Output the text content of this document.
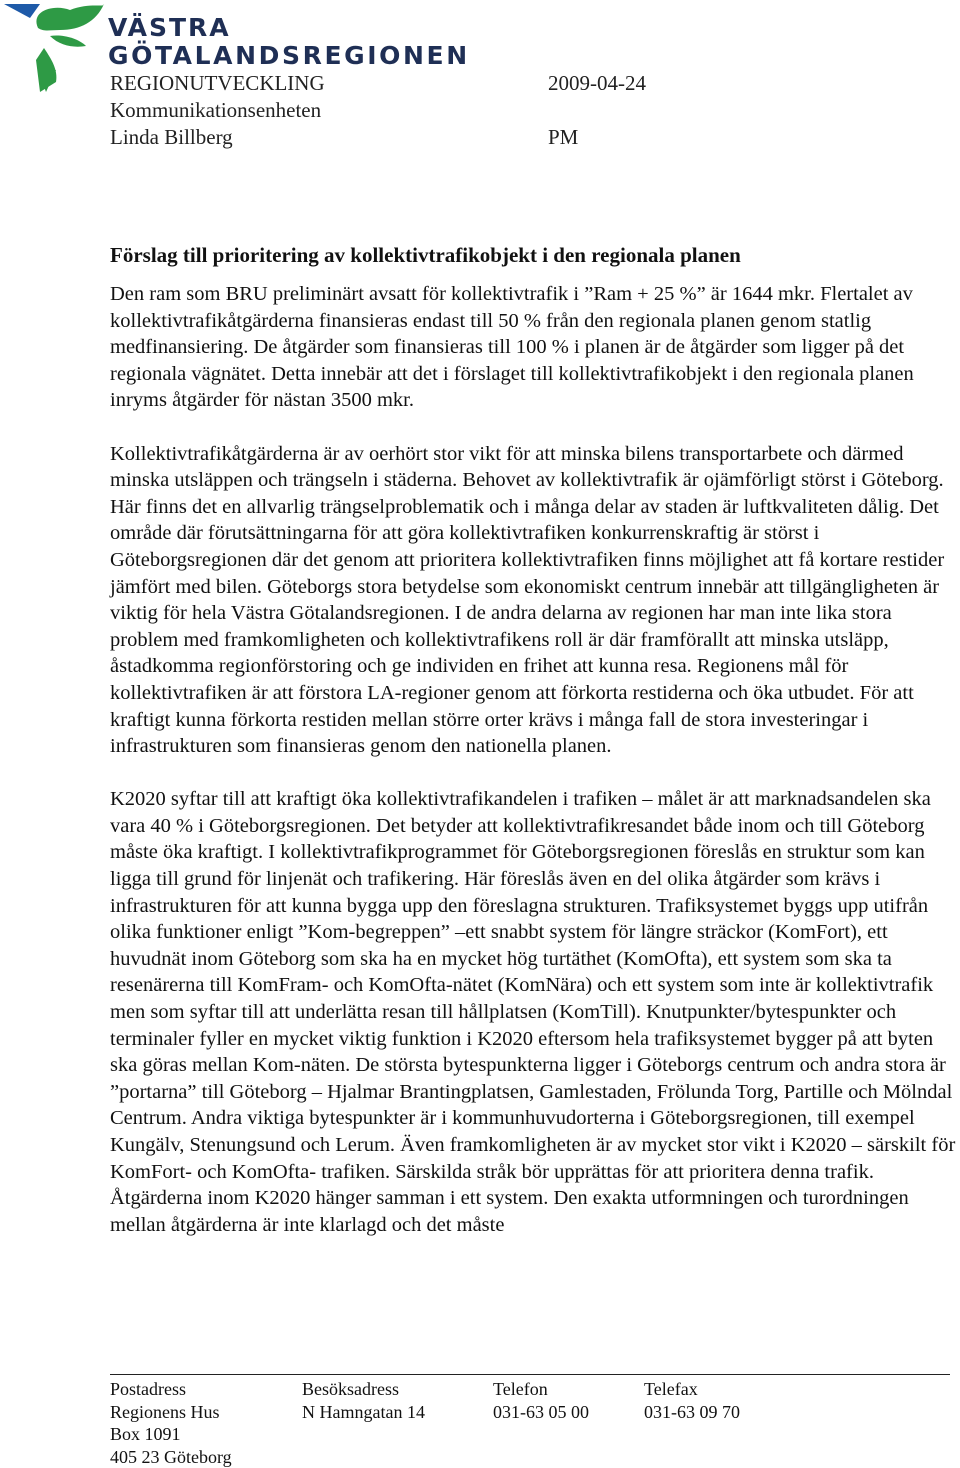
VÄSTRA
GÖTALANDSREGIONEN
REGIONUTVECKLING
Kommunikationsenheten
Linda Billberg
2009-04-24
PM
Förslag till prioritering av kollektivtrafikobjekt i den regionala planen

Den ram som BRU preliminärt avsatt för kollektivtrafik i ”Ram + 25 %” är 1644 mkr. Flertalet av kollektivtrafikåtgärderna finansieras endast till 50 % från den regionala planen genom statlig medfinansiering. De åtgärder som finansieras till 100 % i planen är de åtgärder som ligger på det regionala vägnätet. Detta innebär att det i förslaget till kollektivtrafikobjekt i den regionala planen inryms åtgärder för nästan 3500 mkr.

Kollektivtrafikåtgärderna är av oerhört stor vikt för att minska bilens transportarbete och därmed minska utsläppen och trängseln i städerna. Behovet av kollektivtrafik är ojämförligt störst i Göteborg. Här finns det en allvarlig trängselproblematik och i många delar av staden är luftkvaliteten dålig. Det område där förutsättningarna för att göra kollektivtrafiken konkurrenskraftig är störst i Göteborgsregionen där det genom att prioritera kollektivtrafiken finns möjlighet att få kortare restider jämfört med bilen. Göteborgs stora betydelse som ekonomiskt centrum innebär att tillgängligheten är viktig för hela Västra Götalandsregionen. I de andra delarna av regionen har man inte lika stora problem med framkomligheten och kollektivtrafikens roll är där framförallt att minska utsläpp, åstadkomma regionförstoring och ge individen en frihet att kunna resa. Regionens mål för kollektivtrafiken är att förstora LA-regioner genom att förkorta restiderna och öka utbudet. För att kraftigt kunna förkorta restiden mellan större orter krävs i många fall de stora investeringar i infrastrukturen som finansieras genom den nationella planen.

K2020 syftar till att kraftigt öka kollektivtrafikandelen i trafiken – målet är att marknadsandelen ska vara 40 % i Göteborgsregionen. Det betyder att kollektivtrafikresandet både inom och till Göteborg måste öka kraftigt. I kollektivtrafikprogrammet för Göteborgsregionen föreslås en struktur som kan ligga till grund för linjenät och trafikering. Här föreslås även en del olika åtgärder som krävs i infrastrukturen för att kunna bygga upp den föreslagna strukturen. Trafiksystemet byggs upp utifrån olika funktioner enligt ”Kom-begreppen” –ett snabbt system för längre sträckor (KomFort), ett huvudnät inom Göteborg som ska ha en mycket hög turtäthet (KomOfta), ett system som ska ta resenärerna till KomFram- och KomOfta-nätet (KomNära) och ett system som inte är kollektivtrafik men som syftar till att underlätta resan till hållplatsen (KomTill). Knutpunkter/bytespunkter och terminaler fyller en mycket viktig funktion i K2020 eftersom hela trafiksystemet bygger på att byten ska göras mellan Kom-näten. De största bytespunkterna ligger i Göteborgs centrum och andra stora är ”portarna” till Göteborg – Hjalmar Brantingplatsen, Gamlestaden, Frölunda Torg, Partille och Mölndal Centrum. Andra viktiga bytespunkter är i kommunhuvudorterna i Göteborgsregionen, till exempel Kungälv, Stenungsund och Lerum. Även framkomligheten är av mycket stor vikt i K2020 – särskilt för KomFort- och KomOfta- trafiken. Särskilda stråk bör upprättas för att prioritera denna trafik. Åtgärderna inom K2020 hänger samman i ett system. Den exakta utformningen och turordningen mellan åtgärderna är inte klarlagd och det måste

Postadress
Regionens Hus
Box 1091
405 23 Göteborg
Besöksadress
N Hamngatan 14
Telefon
031-63 05 00
Telefax
031-63 09 70
